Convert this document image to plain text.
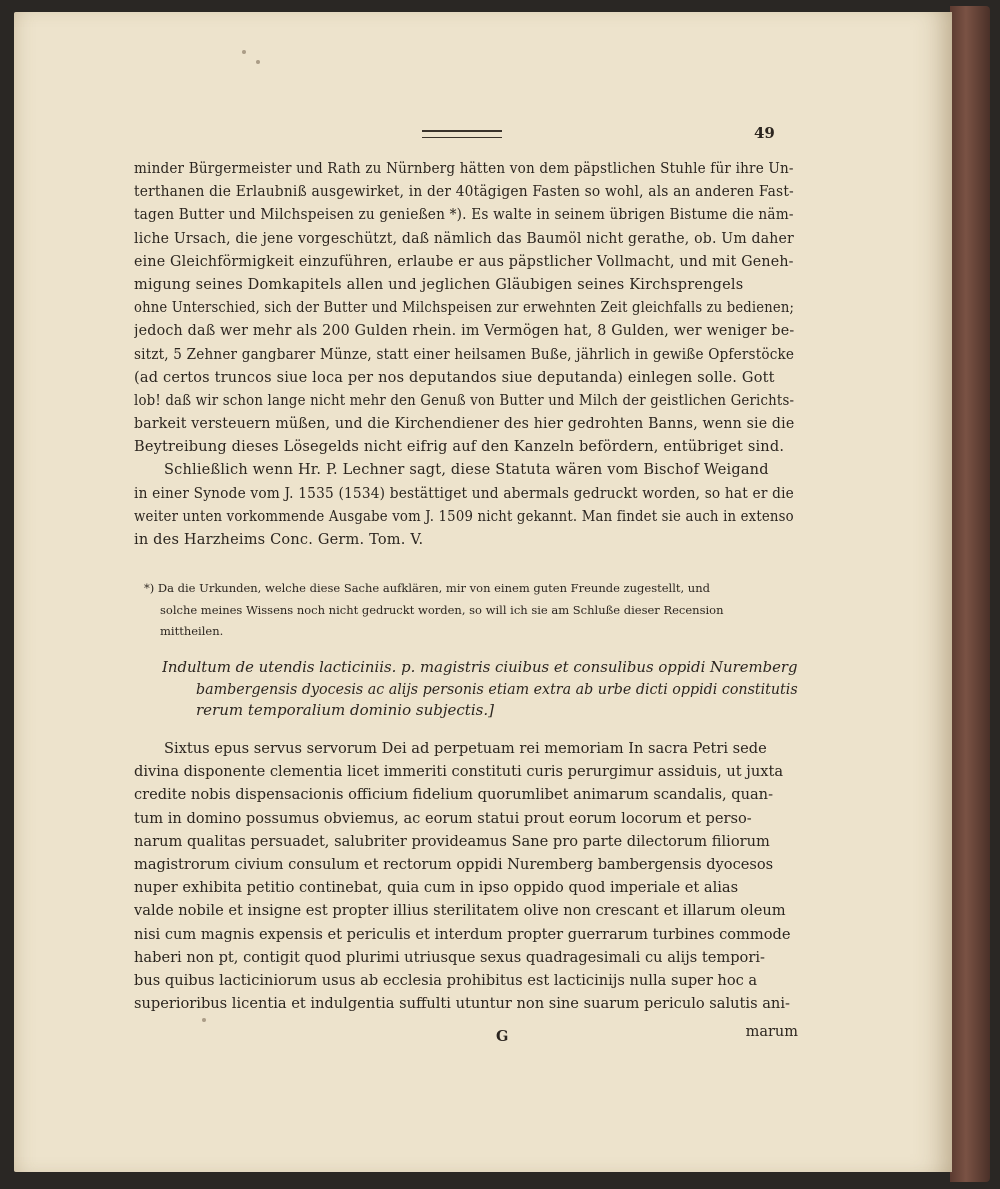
49
minder Bürgermeister und Rath zu Nürnberg hätten von dem päpstlichen Stuhle für ihre Un-
terthanen die Erlaubniß ausgewirket, in der 40tägigen Fasten so wohl, als an anderen Fast-
tagen Butter und Milchspeisen zu genießen *). Es walte in seinem übrigen Bistume die näm-
liche Ursach, die jene vorgeschützt, daß nämlich das Baumöl nicht gerathe, ob. Um daher
eine Gleichförmigkeit einzuführen, erlaube er aus päpstlicher Vollmacht, und mit Geneh-
migung seines Domkapitels allen und jeglichen Gläubigen seines Kirchsprengels
ohne Unterschied, sich der Butter und Milchspeisen zur erwehnten Zeit gleichfalls zu bedienen;
jedoch daß wer mehr als 200 Gulden rhein. im Vermögen hat, 8 Gulden, wer weniger be-
sitzt, 5 Zehner gangbarer Münze, statt einer heilsamen Buße, jährlich in gewiße Opferstöcke
(ad certos truncos siue loca per nos deputandos siue deputanda) einlegen solle. Gott
lob! daß wir schon lange nicht mehr den Genuß von Butter und Milch der geistlichen Gerichts-
barkeit versteuern müßen, und die Kirchendiener des hier gedrohten Banns, wenn sie die
Beytreibung dieses Lösegelds nicht eifrig auf den Kanzeln befördern, entübriget sind.
Schließlich wenn Hr. P. Lechner sagt, diese Statuta wären vom Bischof Weigand
in einer Synode vom J. 1535 (1534) bestättiget und abermals gedruckt worden, so hat er die
weiter unten vorkommende Ausgabe vom J. 1509 nicht gekannt. Man findet sie auch in extenso
in des Harzheims Conc. Germ. Tom. V.
*) Da die Urkunden, welche diese Sache aufklären, mir von einem guten Freunde zugestellt, und
solche meines Wissens noch nicht gedruckt worden, so will ich sie am Schluße dieser Recension
mittheilen.
Indultum de utendis lacticiniis. p. magistris ciuibus et consulibus oppidi Nuremberg
bambergensis dyocesis ac alijs personis etiam extra ab urbe dicti oppidi constitutis
rerum temporalium dominio subjectis.]
Sixtus epus servus servorum Dei ad perpetuam rei memoriam In sacra Petri sede
divina disponente clementia licet immeriti constituti curis perurgimur assiduis, ut juxta
credite nobis dispensacionis officium fidelium quorumlibet animarum scandalis, quan-
tum in domino possumus obviemus, ac eorum statui prout eorum locorum et perso-
narum qualitas persuadet, salubriter provideamus Sane pro parte dilectorum filiorum
magistrorum civium consulum et rectorum oppidi Nuremberg bambergensis dyocesos
nuper exhibita petitio continebat, quia cum in ipso oppido quod imperiale et alias
valde nobile et insigne est propter illius sterilitatem olive non crescant et illarum oleum
nisi cum magnis expensis et periculis et interdum propter guerrarum turbines commode
haberi non pt, contigit quod plurimi utriusque sexus quadragesimali cu alijs tempori-
bus quibus lacticiniorum usus ab ecclesia prohibitus est lacticinijs nulla super hoc a
superioribus licentia et indulgentia suffulti utuntur non sine suarum periculo salutis ani-
G	marum
